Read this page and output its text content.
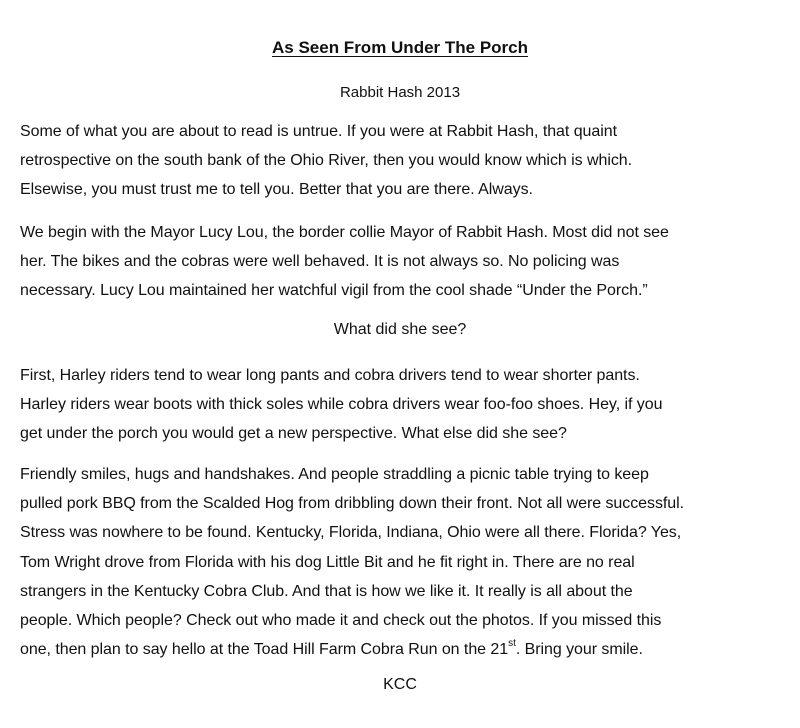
As Seen From Under The Porch
Rabbit Hash 2013

Some of what you are about to read is untrue. If you were at Rabbit Hash, that quaint
retrospective on the south bank of the Ohio River, then you would know which is which.
Elsewise, you must trust me to tell you. Better that you are there. Always.

We begin with the Mayor Lucy Lou, the border collie Mayor of Rabbit Hash. Most did not see
her. The bikes and the cobras were well behaved. It is not always so. No policing was
necessary. Lucy Lou maintained her watchful vigil from the cool shade “Under the Porch.”

What did she see?

First, Harley riders tend to wear long pants and cobra drivers tend to wear shorter pants.
Harley riders wear boots with thick soles while cobra drivers wear foo-foo shoes. Hey, if you
get under the porch you would get a new perspective. What else did she see?

Friendly smiles, hugs and handshakes. And people straddling a picnic table trying to keep
pulled pork BBQ from the Scalded Hog from dribbling down their front. Not all were successful.
Stress was nowhere to be found. Kentucky, Florida, Indiana, Ohio were all there. Florida? Yes,
Tom Wright drove from Florida with his dog Little Bit and he fit right in. There are no real
strangers in the Kentucky Cobra Club. And that is how we like it. It really is all about the
people. Which people? Check out who made it and check out the photos. If you missed this
one, then plan to say hello at the Toad Hill Farm Cobra Run on the 21st. Bring your smile.

KCC
